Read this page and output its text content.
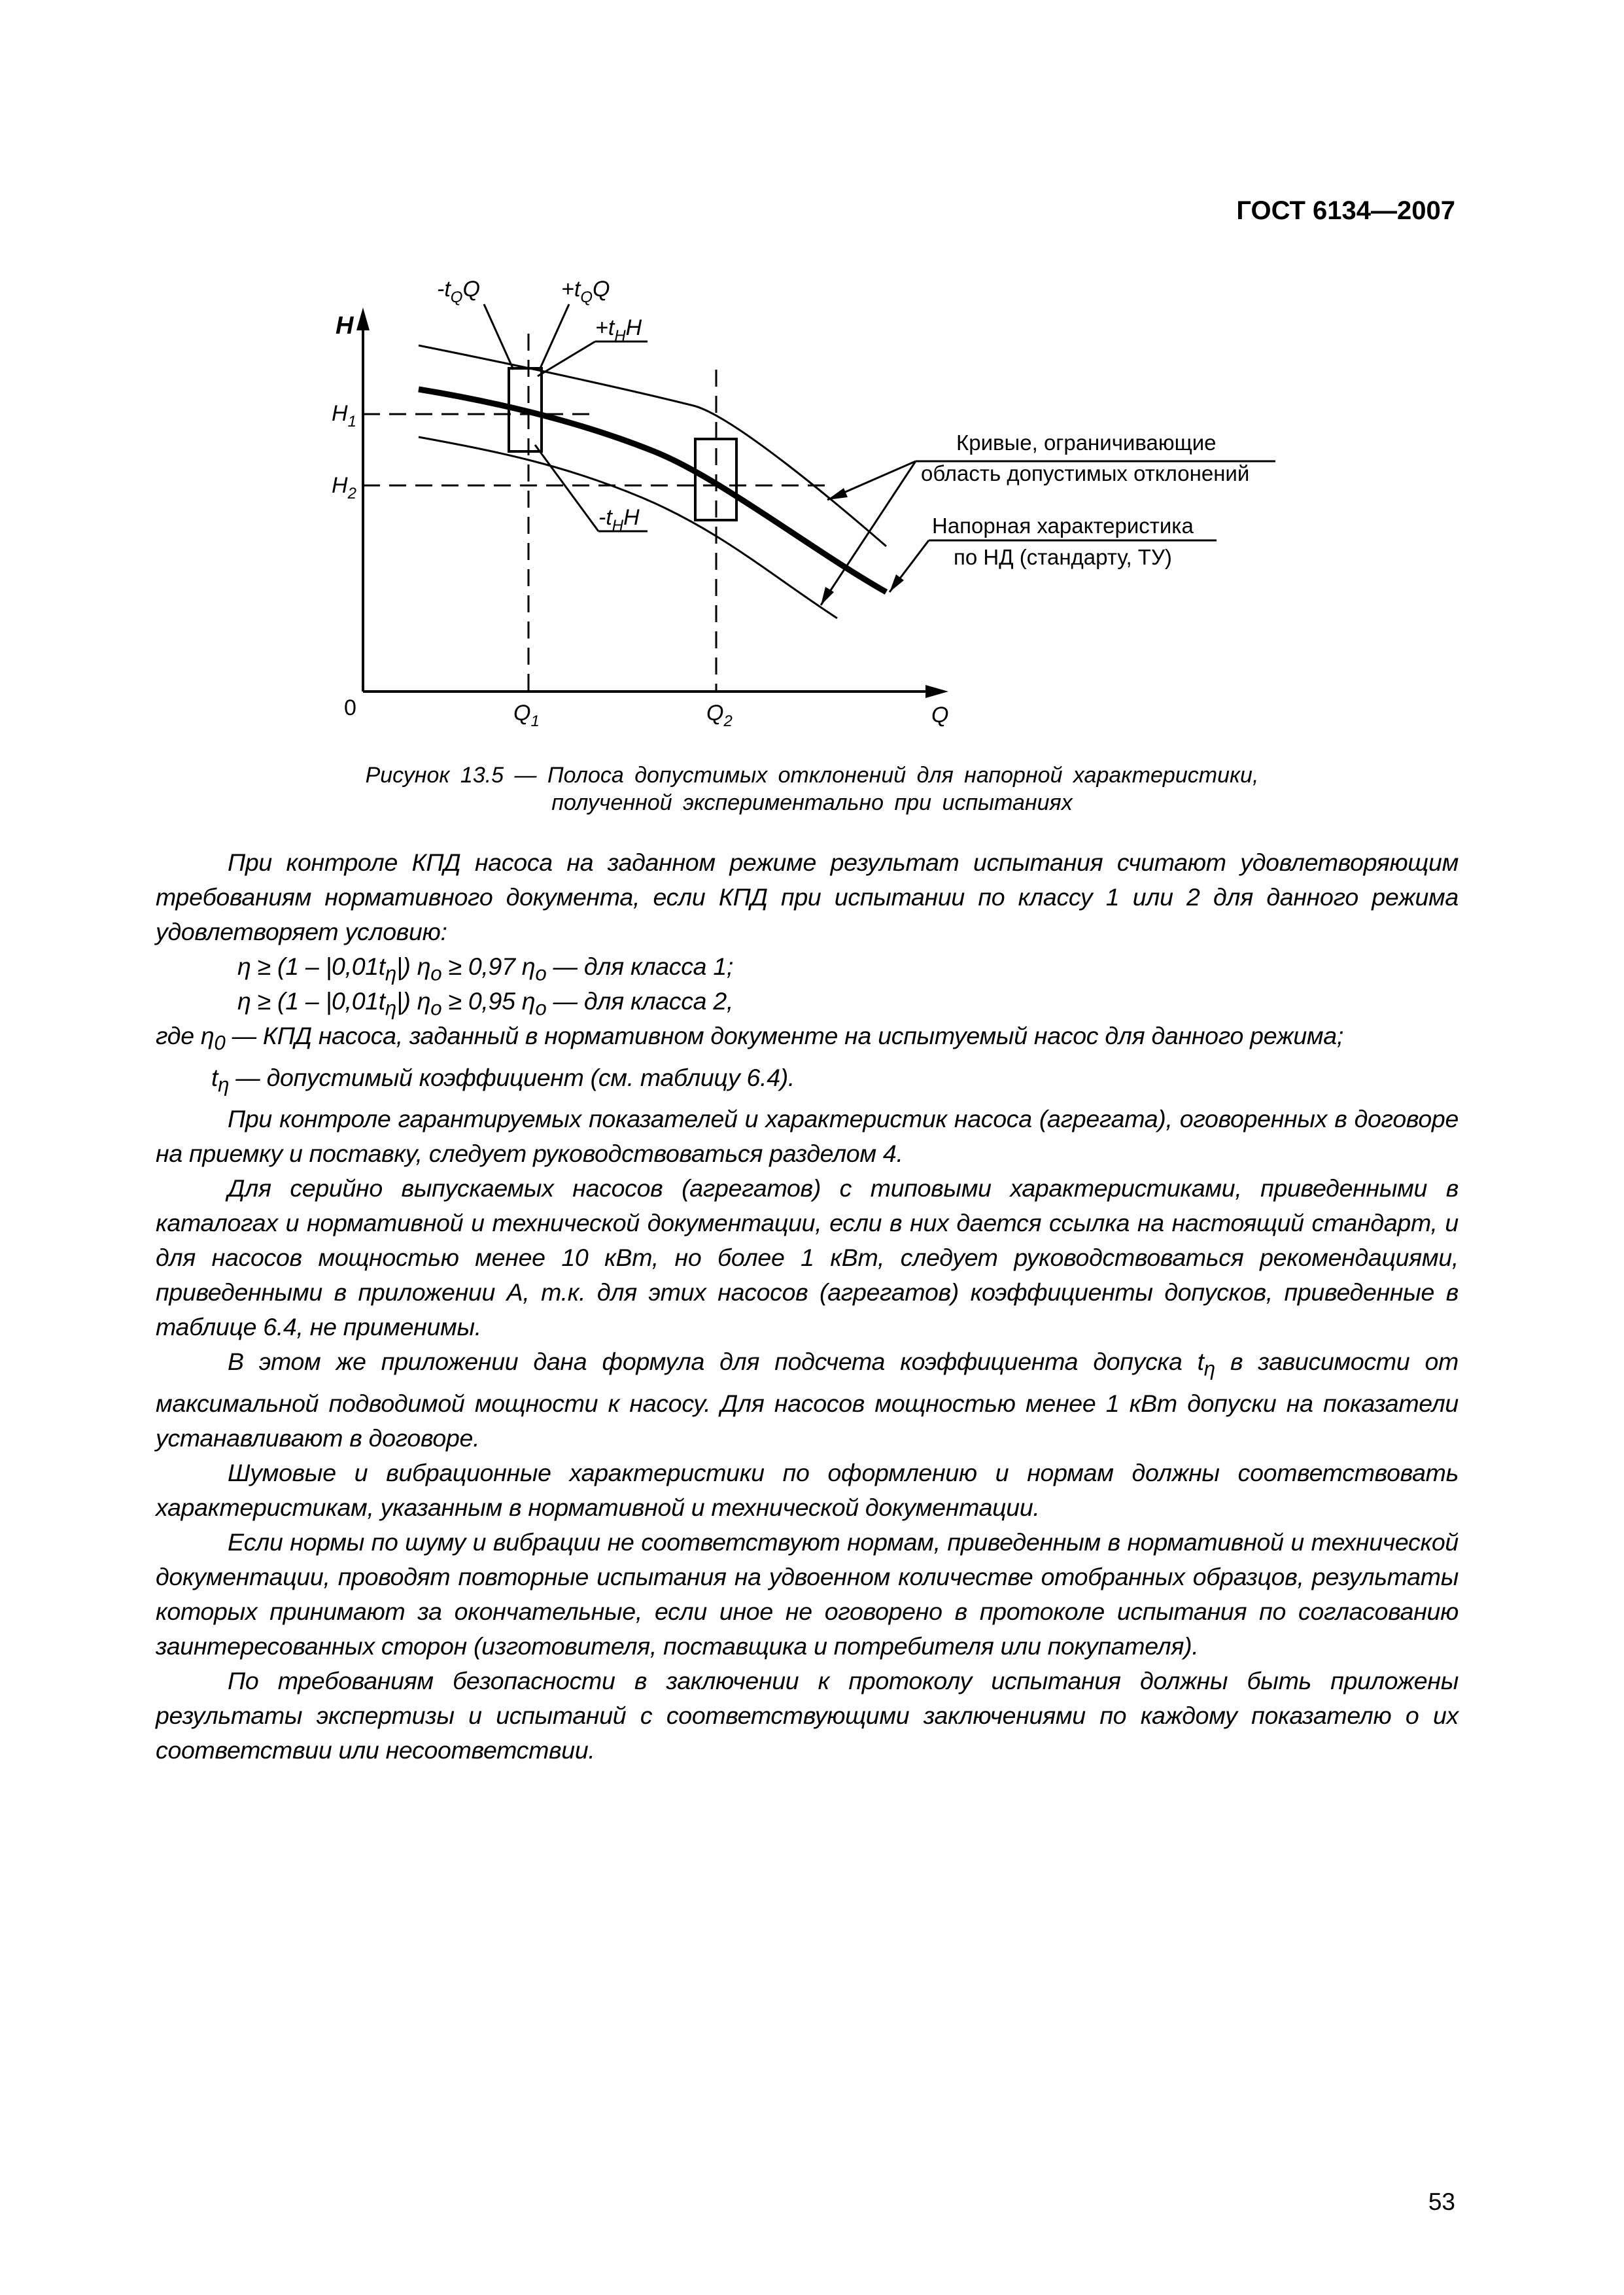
ГОСТ 6134—2007
H
0	Q
$H_1$
$H_2$
$Q_1$	$Q_2$
$-t_QQ$	$+t_QQ$
$+t_HH$
$-t_HH$
Кривые, ограничивающие
область допустимых отклонений
Напорная характеристика
по НД (стандарту, ТУ)
Рисунок 13.5 — Полоса допустимых отклонений для напорной характеристики,
полученной экспериментально при испытаниях

При контроле КПД насоса на заданном режиме результат испытания считают удовлетворяющим требованиям нормативного документа, если КПД при испытании по классу 1 или 2 для данного режима удовлетворяет условию:

$\eta \ge (1 - |0,01t_\eta|)$ $\eta_o \ge 0,97$ $\eta_o$ — для класса 1;
$\eta \ge (1 - |0,01t_\eta|)$ $\eta_o \ge 0,95$ $\eta_o$ — для класса 2,
где $\eta_0$ — КПД насоса, заданный в нормативном документе на испытуемый насос для данного режима;
$t_\eta$ — допустимый коэффициент (см. таблицу 6.4).

При контроле гарантируемых показателей и характеристик насоса (агрегата), оговоренных в договоре на приемку и поставку, следует руководствоваться разделом 4.

Для серийно выпускаемых насосов (агрегатов) с типовыми характеристиками, приведенными в каталогах и нормативной и технической документации, если в них дается ссылка на настоящий стандарт, и для насосов мощностью менее 10 кВт, но более 1 кВт, следует руководствоваться рекомендациями, приведенными в приложении А, т.к. для этих насосов (агрегатов) коэффициенты допусков, приведенные в таблице 6.4, не применимы.

В этом же приложении дана формула для подсчета коэффициента допуска $t_\eta$ в зависимости от максимальной подводимой мощности к насосу. Для насосов мощностью менее 1 кВт допуски на показатели устанавливают в договоре.

Шумовые и вибрационные характеристики по оформлению и нормам должны соответствовать характеристикам, указанным в нормативной и технической документации.

Если нормы по шуму и вибрации не соответствуют нормам, приведенным в нормативной и технической документации, проводят повторные испытания на удвоенном количестве отобранных образцов, результаты которых принимают за окончательные, если иное не оговорено в протоколе испытания по согласованию заинтересованных сторон (изготовителя, поставщика и потребителя или покупателя).

По требованиям безопасности в заключении к протоколу испытания должны быть приложены результаты экспертизы и испытаний с соответствующими заключениями по каждому показателю о их соответствии или несоответствии.

53
